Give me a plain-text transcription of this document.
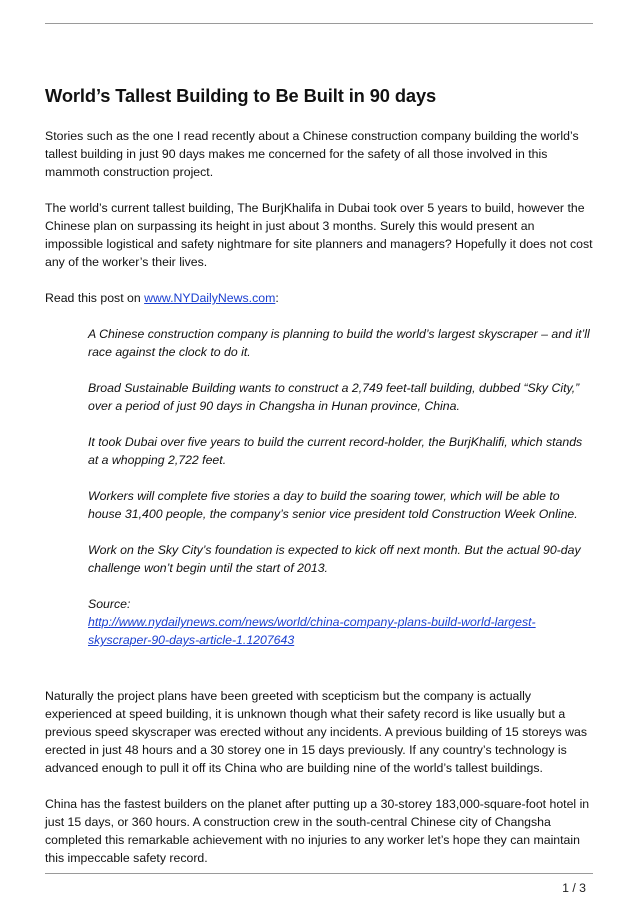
World’s Tallest Building to Be Built in 90 days

Stories such as the one I read recently about a Chinese construction company building the world’s tallest building in just 90 days makes me concerned for the safety of all those involved in this mammoth construction project.

The world’s current tallest building, The BurjKhalifa in Dubai took over 5 years to build, however the Chinese plan on surpassing its height in just about 3 months. Surely this would present an impossible logistical and safety nightmare for site planners and managers? Hopefully it does not cost any of the worker’s their lives.

Read this post on www.NYDailyNews.com:

A Chinese construction company is planning to build the world’s largest skyscraper – and it’ll race against the clock to do it.

Broad Sustainable Building wants to construct a 2,749 feet-tall building, dubbed “Sky City,” over a period of just 90 days in Changsha in Hunan province, China.

It took Dubai over five years to build the current record-holder, the BurjKhalifi, which stands at a whopping 2,722 feet.

Workers will complete five stories a day to build the soaring tower, which will be able to house 31,400 people, the company’s senior vice president told Construction Week Online.

Work on the Sky City’s foundation is expected to kick off next month. But the actual 90-day challenge won’t begin until the start of 2013.

Source:
http://www.nydailynews.com/news/world/china-company-plans-build-world-largest-skyscraper-90-days-article-1.1207643

Naturally the project plans have been greeted with scepticism but the company is actually experienced at speed building, it is unknown though what their safety record is like usually but a previous speed skyscraper was erected without any incidents. A previous building of 15 storeys was erected in just 48 hours and a 30 storey one in 15 days previously. If any country’s technology is advanced enough to pull it off its China who are building nine of the world’s tallest buildings.

China has the fastest builders on the planet after putting up a 30-storey 183,000-square-foot hotel in just 15 days, or 360 hours. A construction crew in the south-central Chinese city of Changsha completed this remarkable achievement with no injuries to any worker let’s hope they can maintain this impeccable safety record.

1 / 3
